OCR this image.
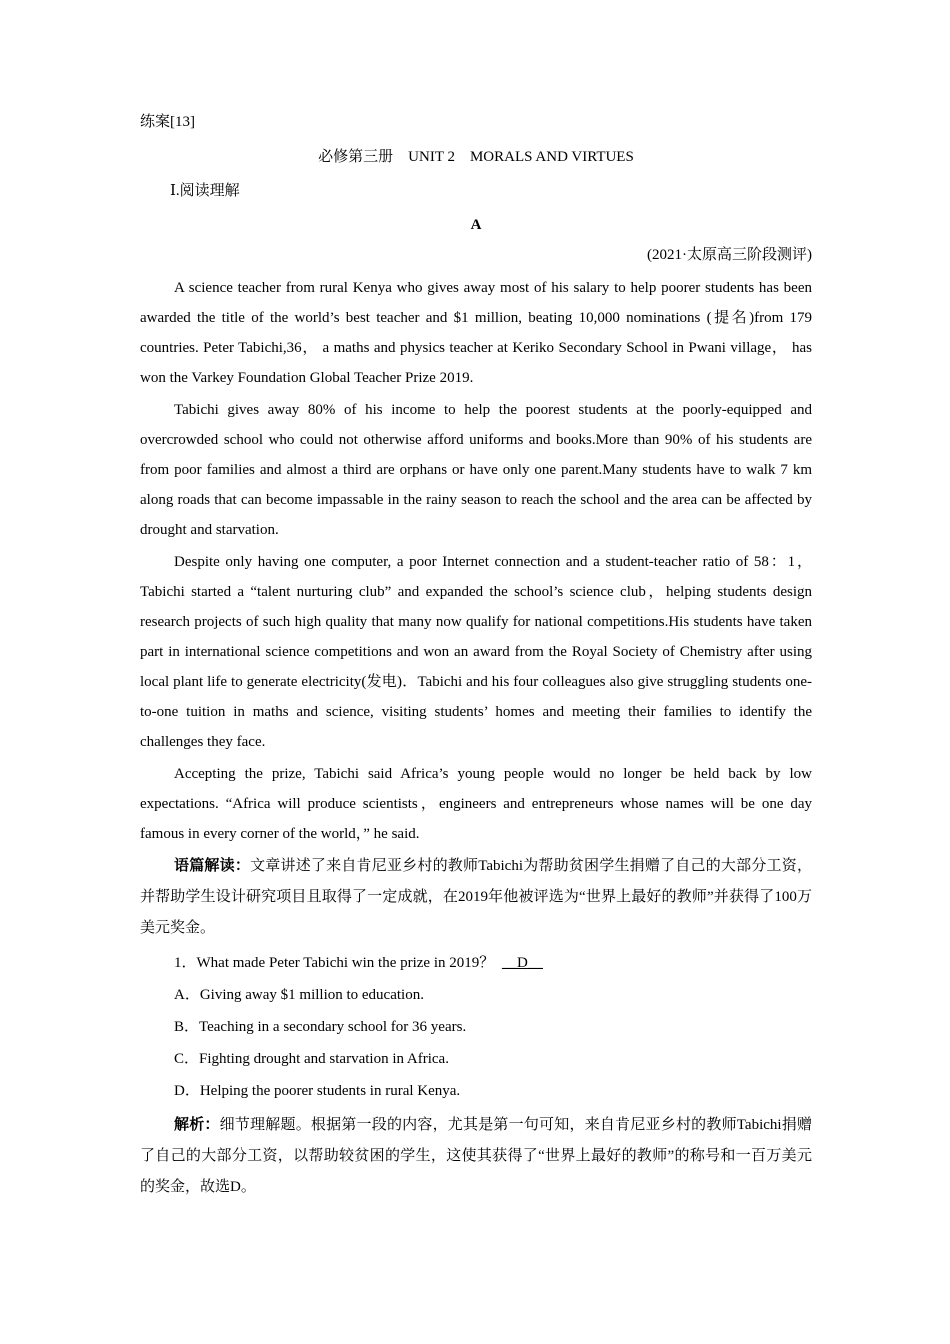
练案[13]
必修第三册　UNIT 2　MORALS AND VIRTUES
Ⅰ.阅读理解
A
(2021·太原高三阶段测评)

A science teacher from rural Kenya who gives away most of his salary to help poorer students has been awarded the title of the world’s best teacher and $1 million, beating 10,000 nominations (提名)from 179 countries. Peter Tabichi,36， a maths and physics teacher at Keriko Secondary School in Pwani village， has won the Varkey Foundation Global Teacher Prize 2019.

Tabichi gives away 80% of his income to help the poorest students at the poorly-equipped and overcrowded school who could not otherwise afford uniforms and books.More than 90% of his students are from poor families and almost a third are orphans or have only one parent.Many students have to walk 7 km along roads that can become impassable in the rainy season to reach the school and the area can be affected by drought and starvation.

Despite only having one computer, a poor Internet connection and a student-teacher ratio of 58：1，Tabichi started a “talent nurturing club” and expanded the school’s science club，helping students design research projects of such high quality that many now qualify for national competitions.His students have taken part in international science competitions and won an award from the Royal Society of Chemistry after using local plant life to generate electricity(发电)．Tabichi and his four colleagues also give struggling students one-to-one tuition in maths and science, visiting students’ homes and meeting their families to identify the challenges they face.

Accepting the prize, Tabichi said Africa’s young people would no longer be held back by low expectations. “Africa will produce scientists，engineers and entrepreneurs whose names will be one day famous in every corner of the world，” he said.

语篇解读：文章讲述了来自肯尼亚乡村的教师Tabichi为帮助贫困学生捐赠了自己的大部分工资，并帮助学生设计研究项目且取得了一定成就，在2019年他被评选为“世界上最好的教师”并获得了100万美元奖金。

1．What made Peter Tabichi win the prize in 2019？ __D__
A．Giving away $1 million to education.
B．Teaching in a secondary school for 36 years.
C．Fighting drought and starvation in Africa.
D．Helping the poorer students in rural Kenya.

解析：细节理解题。根据第一段的内容，尤其是第一句可知，来自肯尼亚乡村的教师Tabichi捐赠了自己的大部分工资，以帮助较贫困的学生，这使其获得了“世界上最好的教师”的称号和一百万美元的奖金，故选D。
